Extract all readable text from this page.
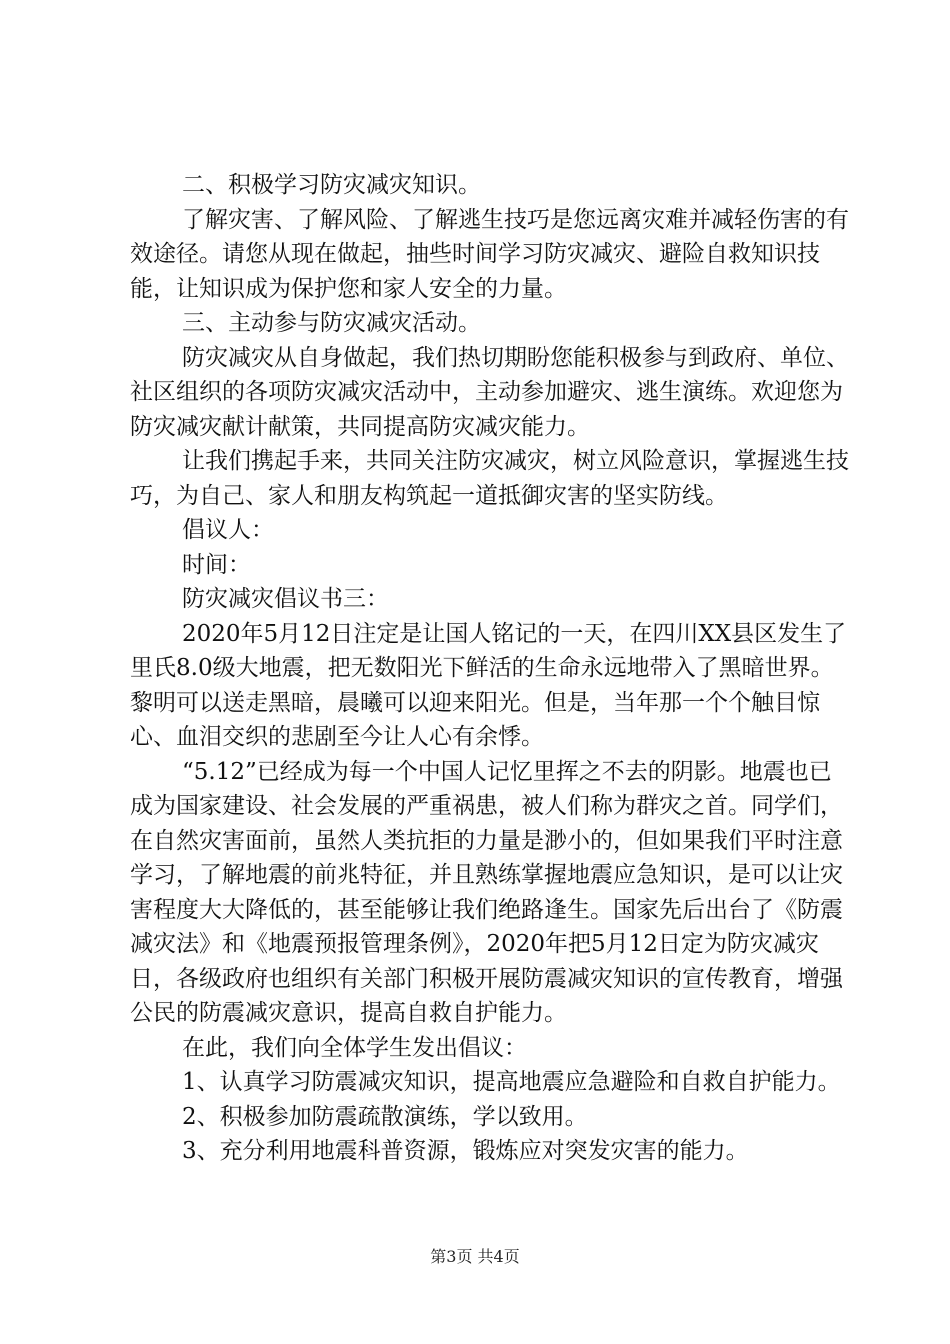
二、积极学习防灾减灾知识。

了解灾害、了解风险、了解逃生技巧是您远离灾难并减轻伤害的有效途径。请您从现在做起，抽些时间学习防灾减灾、避险自救知识技能，让知识成为保护您和家人安全的力量。

三、主动参与防灾减灾活动。

防灾减灾从自身做起，我们热切期盼您能积极参与到政府、单位、社区组织的各项防灾减灾活动中，主动参加避灾、逃生演练。欢迎您为防灾减灾献计献策，共同提高防灾减灾能力。

让我们携起手来，共同关注防灾减灾，树立风险意识，掌握逃生技巧，为自己、家人和朋友构筑起一道抵御灾害的坚实防线。

倡议人：

时间：

防灾减灾倡议书三：

2020年5月12日注定是让国人铭记的一天，在四川XX县区发生了里氏8.0级大地震，把无数阳光下鲜活的生命永远地带入了黑暗世界。黎明可以送走黑暗，晨曦可以迎来阳光。但是，当年那一个个触目惊心、血泪交织的悲剧至今让人心有余悸。

“5.12”已经成为每一个中国人记忆里挥之不去的阴影。地震也已成为国家建设、社会发展的严重祸患，被人们称为群灾之首。同学们，在自然灾害面前，虽然人类抗拒的力量是渺小的，但如果我们平时注意学习，了解地震的前兆特征，并且熟练掌握地震应急知识，是可以让灾害程度大大降低的，甚至能够让我们绝路逢生。国家先后出台了《防震减灾法》和《地震预报管理条例》，2020年把5月12日定为防灾减灾日，各级政府也组织有关部门积极开展防震减灾知识的宣传教育，增强公民的防震减灾意识，提高自救自护能力。

在此，我们向全体学生发出倡议：

1、认真学习防震减灾知识，提高地震应急避险和自救自护能力。

2、积极参加防震疏散演练，学以致用。

3、充分利用地震科普资源，锻炼应对突发灾害的能力。

第3页 共4页
